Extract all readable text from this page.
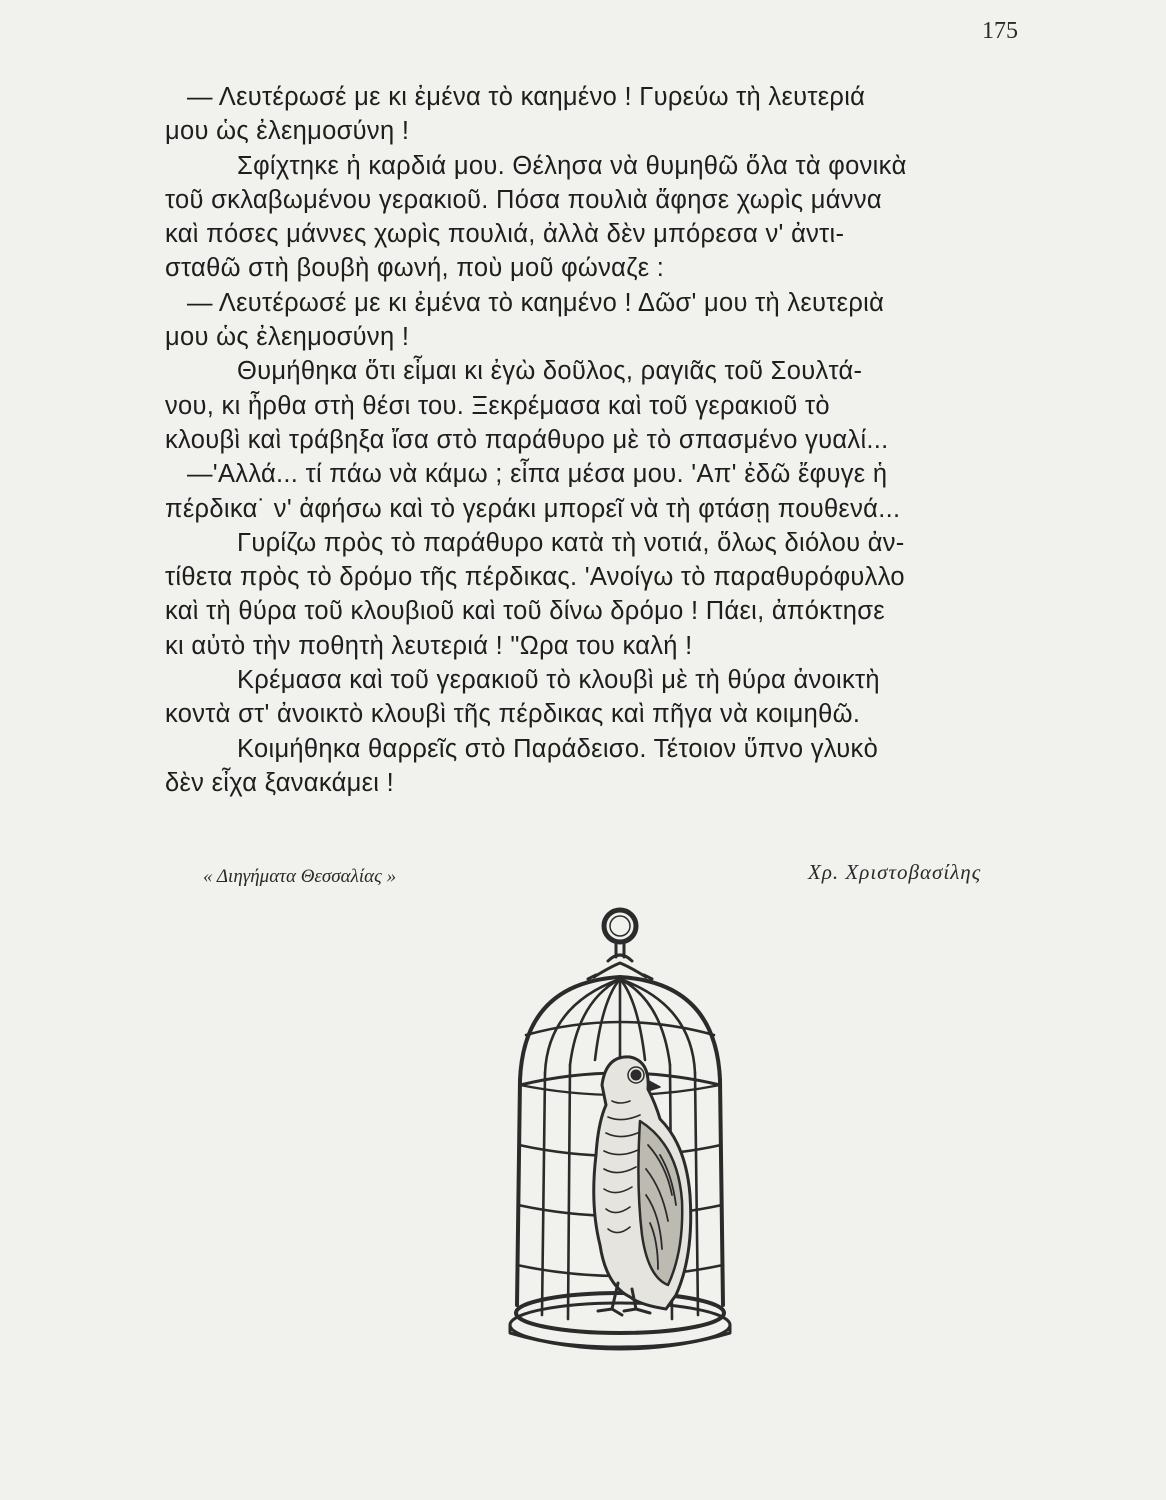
175
— Λευτέρωσέ με κι ἐμένα τὸ καημένο ! Γυρεύω τὴ λευτεριά
μου ὡς ἐλεημοσύνη !
Σφίχτηκε ἡ καρδιά μου. Θέλησα νὰ θυμηθῶ ὅλα τὰ φονικὰ
τοῦ σκλαβωμένου γερακιοῦ. Πόσα πουλιὰ ἄφησε χωρὶς μάννα
καὶ πόσες μάννες χωρὶς πουλιά, ἀλλὰ δὲν μπόρεσα ν' ἀντι-
σταθῶ στὴ βουβὴ φωνή, ποὺ μοῦ φώναζε :
— Λευτέρωσέ με κι ἐμένα τὸ καημένο ! Δῶσ' μου τὴ λευτεριὰ
μου ὡς ἐλεημοσύνη !
Θυμήθηκα ὅτι εἶμαι κι ἐγὼ δοῦλος, ραγιᾶς τοῦ Σουλτά-
νου, κι ἦρθα στὴ θέσι του. Ξεκρέμασα καὶ τοῦ γερακιοῦ τὸ
κλουβὶ καὶ τράβηξα ἴσα στὸ παράθυρο μὲ τὸ σπασμένο γυαλί...
—'Αλλά... τί πάω νὰ κάμω ; εἶπα μέσα μου. 'Απ' ἐδῶ ἔφυγε ἡ
πέρδικα˙ ν' ἀφήσω καὶ τὸ γεράκι μπορεῖ νὰ τὴ φτάσῃ πουθενά...
Γυρίζω πρὸς τὸ παράθυρο κατὰ τὴ νοτιά, ὅλως διόλου ἀν-
τίθετα πρὸς τὸ δρόμο τῆς πέρδικας. 'Ανοίγω τὸ παραθυρόφυλλο
καὶ τὴ θύρα τοῦ κλουβιοῦ καὶ τοῦ δίνω δρόμο ! Πάει, ἀπόκτησε
κι αὐτὸ τὴν ποθητὴ λευτεριά ! "Ωρα του καλή !
Κρέμασα καὶ τοῦ γερακιοῦ τὸ κλουβὶ μὲ τὴ θύρα ἀνοικτὴ
κοντὰ στ' ἀνοικτὸ κλουβὶ τῆς πέρδικας καὶ πῆγα νὰ κοιμηθῶ.
Κοιμήθηκα θαρρεῖς στὸ Παράδεισο. Τέτοιον ὕπνο γλυκὸ
δὲν εἶχα ξανακάμει !
« Διηγήματα Θεσσαλίας »	Χρ. Χριστοβασίλης
